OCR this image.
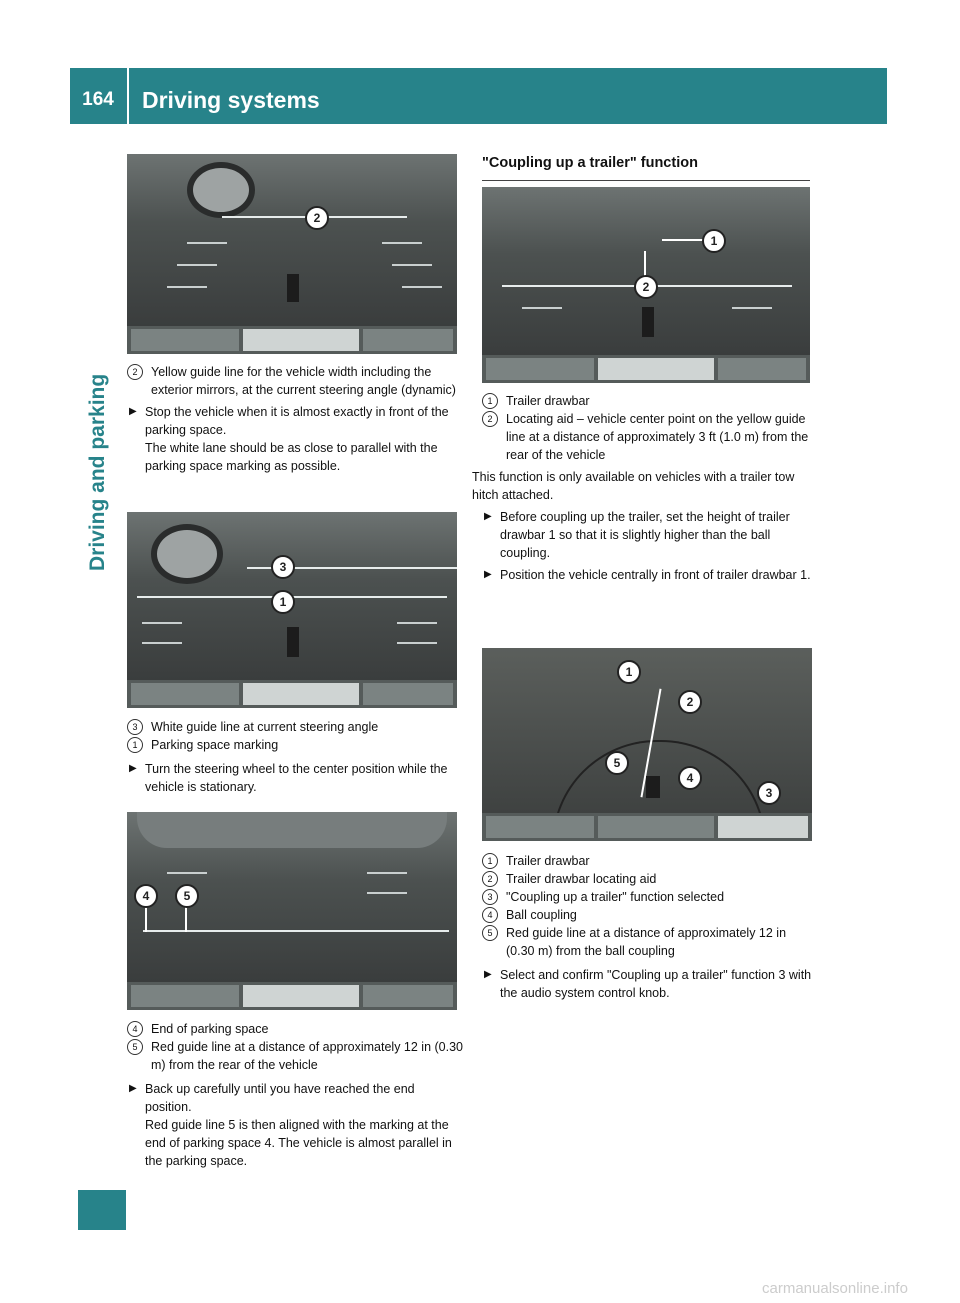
164	Driving systems
Driving and parking
2
2	Yellow guide line for the vehicle width including the exterior mirrors, at the current steering angle (dynamic)
▶ Stop the vehicle when it is almost exactly in front of the parking space.
The white lane should be as close to parallel with the parking space marking as possible.
3
1
3	White guide line at current steering angle
1	Parking space marking
▶ Turn the steering wheel to the center position while the vehicle is stationary.
4	5
4	End of parking space
5	Red guide line at a distance of approximately 12 in (0.30 m) from the rear of the vehicle
▶ Back up carefully until you have reached the end position.
Red guide line 5 is then aligned with the marking at the end of parking space 4. The vehicle is almost parallel in the parking space.
"Coupling up a trailer" function
1
2
1	Trailer drawbar
2	Locating aid – vehicle center point on the yellow guide line at a distance of approximately 3 ft (1.0 m) from the rear of the vehicle

This function is only available on vehicles with a trailer tow hitch attached.

▶ Before coupling up the trailer, set the height of trailer drawbar 1 so that it is slightly higher than the ball coupling.
▶ Position the vehicle centrally in front of trailer drawbar 1.
1
2
5
4
3
1	Trailer drawbar
2	Trailer drawbar locating aid
3	"Coupling up a trailer" function selected
4	Ball coupling
5	Red guide line at a distance of approximately 12 in (0.30 m) from the ball coupling
▶ Select and confirm "Coupling up a trailer" function 3 with the audio system control knob.
carmanualsonline.info
